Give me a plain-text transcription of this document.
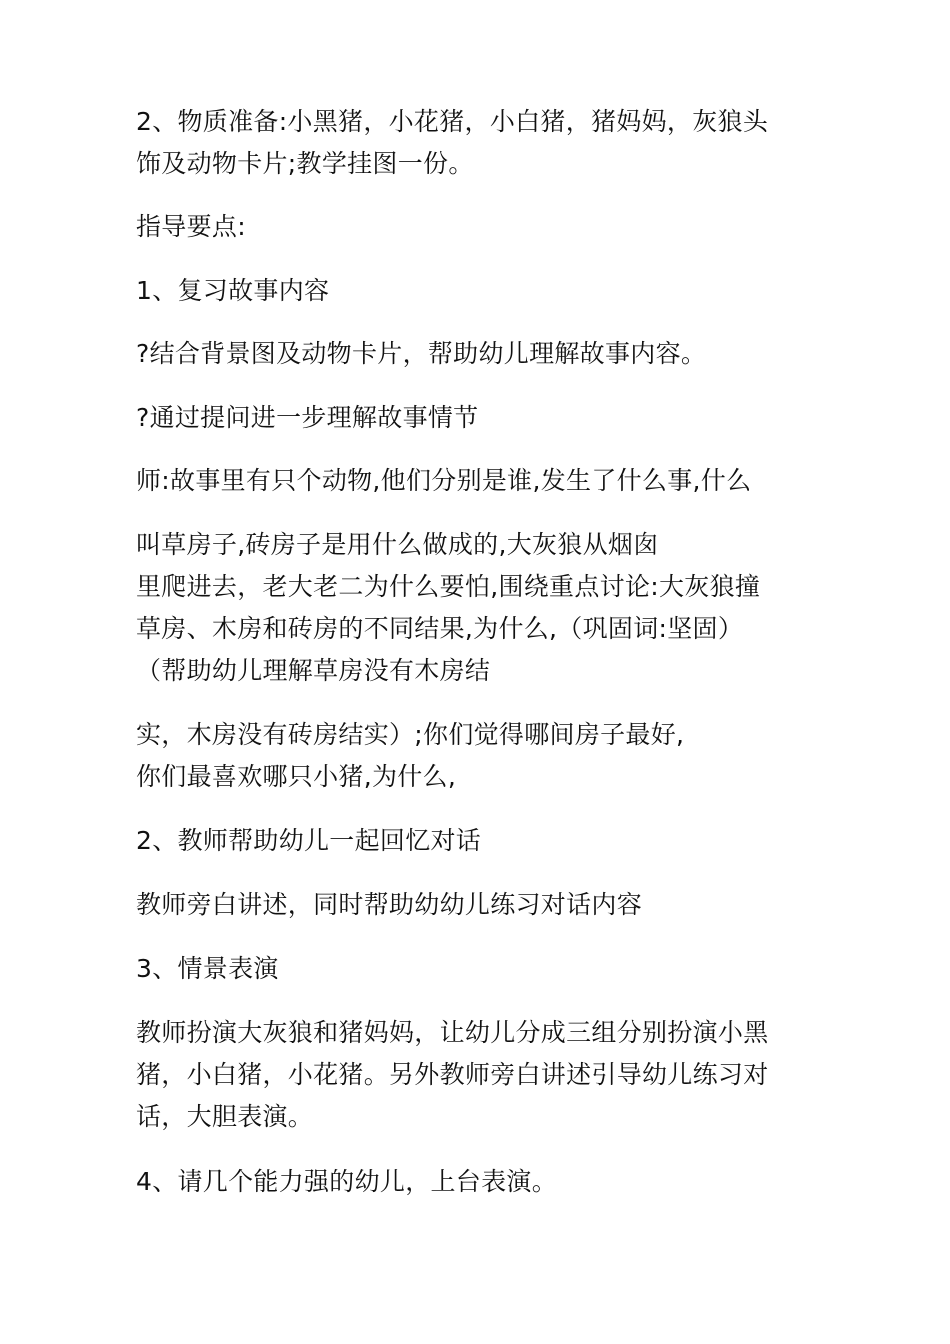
2、物质准备:小黑猪，小花猪，小白猪，猪妈妈，灰狼头

饰及动物卡片;教学挂图一份。

指导要点:

1、复习故事内容

?结合背景图及动物卡片，帮助幼儿理解故事内容。

?通过提问进一步理解故事情节

师:故事里有只个动物,他们分别是谁,发生了什么事,什么

叫草房子,砖房子是用什么做成的,大灰狼从烟囱

里爬进去，老大老二为什么要怕,围绕重点讨论:大灰狼撞

草房、木房和砖房的不同结果,为什么,（巩固词:坚固）

（帮助幼儿理解草房没有木房结

实，木房没有砖房结实）;你们觉得哪间房子最好,

你们最喜欢哪只小猪,为什么,

2、教师帮助幼儿一起回忆对话

教师旁白讲述，同时帮助幼幼儿练习对话内容

3、情景表演

教师扮演大灰狼和猪妈妈，让幼儿分成三组分别扮演小黑

猪，小白猪，小花猪。另外教师旁白讲述引导幼儿练习对

话，大胆表演。

4、请几个能力强的幼儿，上台表演。
